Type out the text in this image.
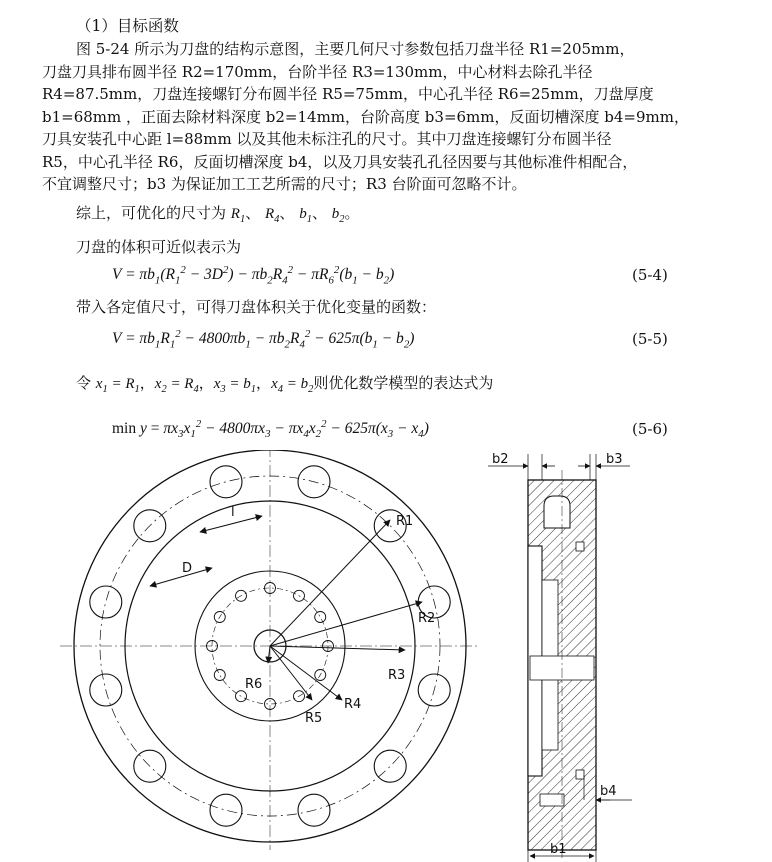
（1）目标函数
图 5-24 所示为刀盘的结构示意图，主要几何尺寸参数包括刀盘半径 R1=205mm，
刀盘刀具排布圆半径 R2=170mm，台阶半径 R3=130mm，中心材料去除孔半径
R4=87.5mm，刀盘连接螺钉分布圆半径 R5=75mm，中心孔半径 R6=25mm，刀盘厚度
b1=68mm ，正面去除材料深度 b2=14mm，台阶高度 b3=6mm，反面切槽深度 b4=9mm，
刀具安装孔中心距 l=88mm 以及其他未标注孔的尺寸。其中刀盘连接螺钉分布圆半径
R5，中心孔半径 R6，反面切槽深度 b4，以及刀具安装孔孔径因要与其他标准件相配合，
不宜调整尺寸；b3 为保证加工工艺所需的尺寸；R3 台阶面可忽略不计。
综上，可优化的尺寸为 $R_1$、 $R_4$、 $b_1$、 $b_2$。
刀盘的体积可近似表示为
$V = \pi b_1(R_1^2 - 3D^2) - \pi b_2R_4^2 - \pi R_6^2(b_1 - b_2)$	(5-4)
带入各定值尺寸，可得刀盘体积关于优化变量的函数：
$V = \pi b_1R_1^2 - 4800\pi b_1 - \pi b_2R_4^2 - 625\pi(b_1 - b_2)$	(5-5)
令 $x_1 = R_1$，$x_2 = R_4$，$x_3 = b_1$，$x_4 = b_2$则优化数学模型的表达式为
$\min y = \pi x_3x_1^2 - 4800\pi x_3 - \pi x_4x_2^2 - 625\pi(x_3 - x_4)$	(5-6)
R1
R2
R3
R4
R5
R6
D
l
b2	b3
b4
b1
